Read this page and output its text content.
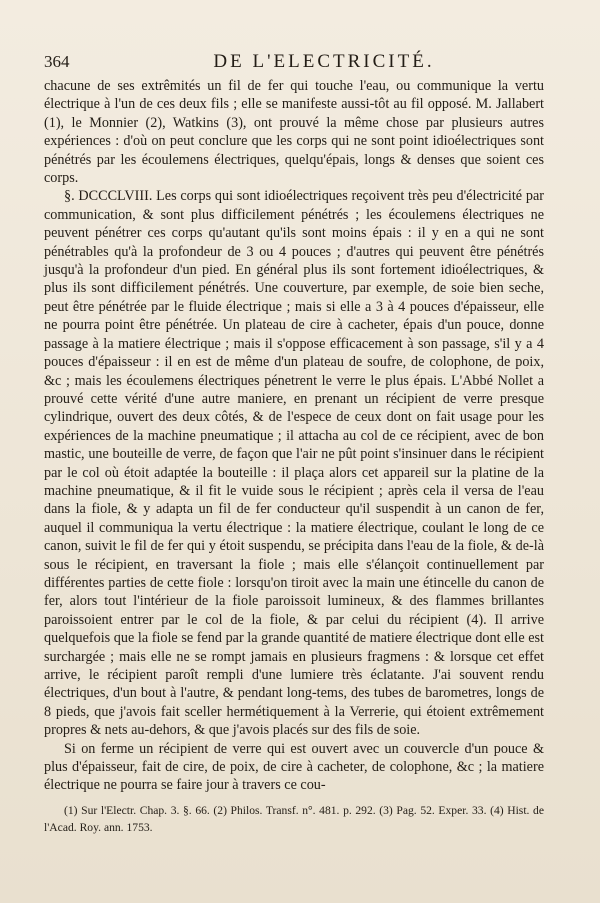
364	DE L'ELECTRICITÉ.

chacune de ses extrêmités un fil de fer qui touche l'eau, ou communique la vertu électrique à l'un de ces deux fils ; elle se manifeste aussi-tôt au fil opposé. M. Jallabert (1), le Monnier (2), Watkins (3), ont prouvé la même chose par plusieurs autres expériences : d'où on peut conclure que les corps qui ne sont point idioélectriques sont pénétrés par les écoulemens électriques, quelqu'épais, longs & denses que soient ces corps.

§. DCCCLVIII. Les corps qui sont idioélectriques reçoivent très peu d'électricité par communication, & sont plus difficilement pénétrés ; les écoulemens électriques ne peuvent pénétrer ces corps qu'autant qu'ils sont moins épais : il y en a qui ne sont pénétrables qu'à la profondeur de 3 ou 4 pouces ; d'autres qui peuvent être pénétrés jusqu'à la profondeur d'un pied. En général plus ils sont fortement idioélectriques, & plus ils sont difficilement pénétrés. Une couverture, par exemple, de soie bien seche, peut être pénétrée par le fluide électrique ; mais si elle a 3 à 4 pouces d'épaisseur, elle ne pourra point être pénétrée. Un plateau de cire à cacheter, épais d'un pouce, donne passage à la matiere électrique ; mais il s'oppose efficacement à son passage, s'il y a 4 pouces d'épaisseur : il en est de même d'un plateau de soufre, de colophone, de poix, &c ; mais les écoulemens électriques pénetrent le verre le plus épais. L'Abbé Nollet a prouvé cette vérité d'une autre maniere, en prenant un récipient de verre presque cylindrique, ouvert des deux côtés, & de l'espece de ceux dont on fait usage pour les expériences de la machine pneumatique ; il attacha au col de ce récipient, avec de bon mastic, une bouteille de verre, de façon que l'air ne pût point s'insinuer dans le récipient par le col où étoit adaptée la bouteille : il plaça alors cet appareil sur la platine de la machine pneumatique, & il fit le vuide sous le récipient ; après cela il versa de l'eau dans la fiole, & y adapta un fil de fer conducteur qu'il suspendit à un canon de fer, auquel il communiqua la vertu électrique : la matiere électrique, coulant le long de ce canon, suivit le fil de fer qui y étoit suspendu, se précipita dans l'eau de la fiole, & de-là sous le récipient, en traversant la fiole ; mais elle s'élançoit continuellement par différentes parties de cette fiole : lorsqu'on tiroit avec la main une étincelle du canon de fer, alors tout l'intérieur de la fiole paroissoit lumineux, & des flammes brillantes paroissoient entrer par le col de la fiole, & par celui du récipient (4). Il arrive quelquefois que la fiole se fend par la grande quantité de matiere électrique dont elle est surchargée ; mais elle ne se rompt jamais en plusieurs fragmens : & lorsque cet effet arrive, le récipient paroît rempli d'une lumiere très éclatante. J'ai souvent rendu électriques, d'un bout à l'autre, & pendant long-tems, des tubes de barometres, longs de 8 pieds, que j'avois fait sceller hermétiquement à la Verrerie, qui étoient extrêmement propres & nets au-dehors, & que j'avois placés sur des fils de soie.

Si on ferme un récipient de verre qui est ouvert avec un couvercle d'un pouce & plus d'épaisseur, fait de cire, de poix, de cire à cacheter, de colophone, &c ; la matiere électrique ne pourra se faire jour à travers ce cou-

(1) Sur l'Electr. Chap. 3. §. 66. (2) Philos. Transf. n°. 481. p. 292. (3) Pag. 52. Exper. 33. (4) Hist. de l'Acad. Roy. ann. 1753.
